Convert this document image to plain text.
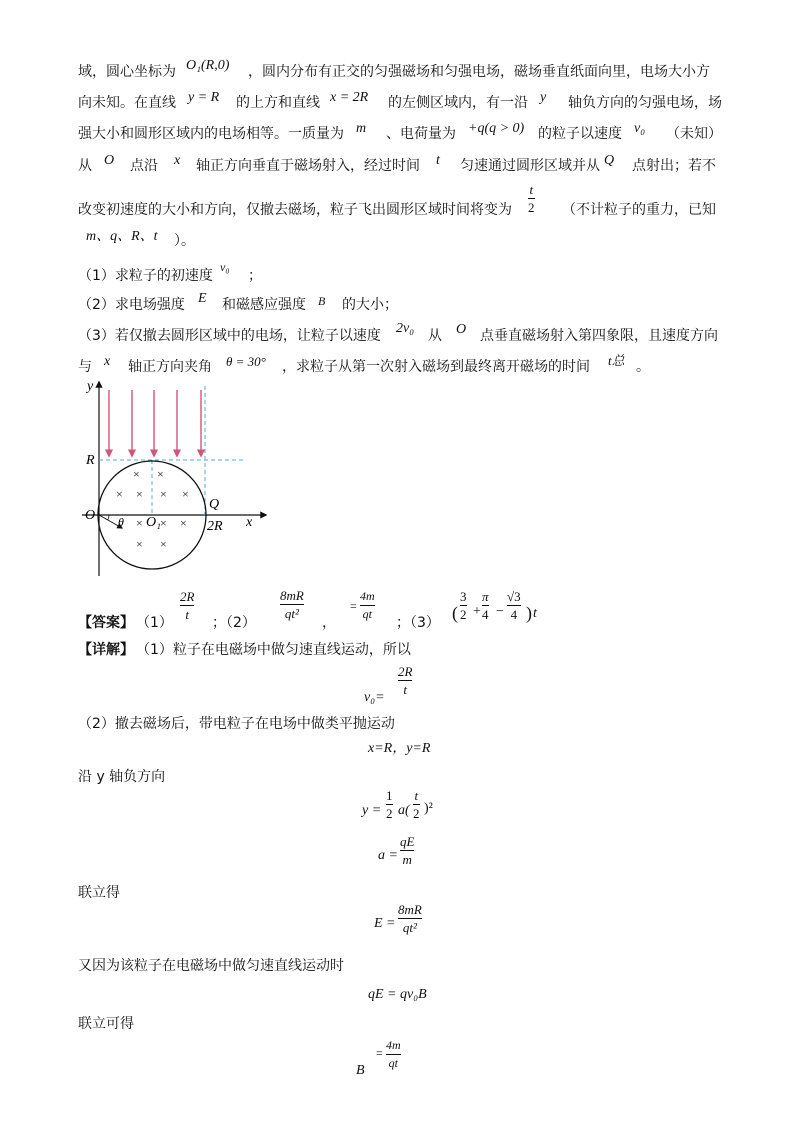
域，圆心坐标为 O₁(R,0) ，圆内分布有正交的匀强磁场和匀强电场，磁场垂直纸面向里，电场大小方
向未知。在直线 y = R 的上方和直线 x = 2R 的左侧区域内，有一沿 y 轴负方向的匀强电场，场
强大小和圆形区域内的电场相等。一质量为 m 、电荷量为 +q(q > 0) 的粒子以速度 v₀ （未知）
从 O 点沿 x 轴正方向垂直于磁场射入，经过时间 t 匀速通过圆形区域并从 Q 点射出；若不
改变初速度的大小和方向，仅撤去磁场，粒子飞出圆形区域时间将变为
t
2 （不计粒子的重力，已知
m、q、R、t ）。
（1）求粒子的初速度
v₀
；
（2）求电场强度 E 和磁感应强度 B 的大小；
（3）若仅撤去圆形区域中的电场，让粒子以速度 2v₀ 从 O 点垂直磁场射入第四象限，且速度方向
与 x 轴正方向夹角 θ = 30° ，求粒子从第一次射入磁场到最终离开磁场的时间 t总 。
× ×
× × × ×
× × ×
× ×
y
R
O	O₁
Q
2R x
θ
【答案】 （1）
2R
t
；（2）
8mR
qt²
，
=
4m
qt
；（3） (
3
2 +
π
4 −
√3
4 ) t
【详解】 （1）粒子在电磁场中做匀速直线运动，所以
v₀=
2R
t
（2）撤去磁场后，带电粒子在电场中做类平抛运动
x=R，y=R
沿 y 轴负方向
y =
1
2 a(
t
2 )²
a =
qE
m
联立得
E =
8mR
qt²
又因为该粒子在电磁场中做匀速直线运动时
qE = qv₀B
联立可得
B
=
4m
qt
